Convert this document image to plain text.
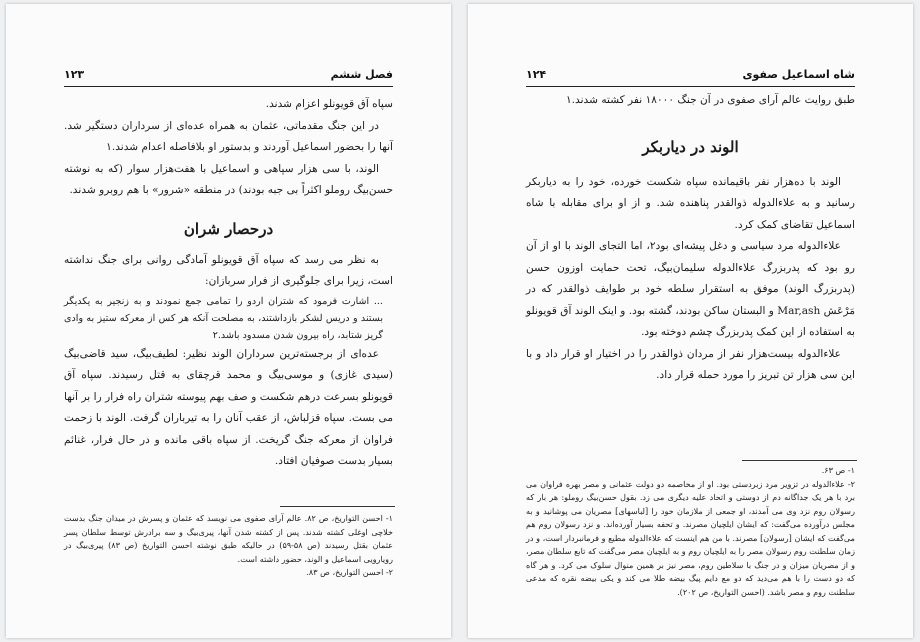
۱۲۳	فصل ششم

سپاه آق قویونلو اعزام شدند.

در این جنگ مقدماتی، عثمان به همراه عده‌ای از سرداران دستگیر شد. آنها را بحضور اسماعیل آوردند و بدستور او بلافاصله اعدام شدند.۱

الوند، با سی هزار سپاهی و اسماعیل با هفت‌هزار سوار (که به نوشته حسن‌بیگ روملو اکثراً بی جبه بودند) در منطقه «شرور» با هم روبرو شدند.

درحصار شران

به نظر می رسد که سپاه آق قویونلو آمادگی روانی برای جنگ نداشته است، زیرا برای جلوگیری از فرار سربازان:

... اشارت فرمود که شتران اردو را تمامی جمع نمودند و به زنجیر به یکدیگر بستند و دریس لشکر بازداشتند، به مصلحت آنکه هر کس از معرکه ستیز به وادی گریز شتابد، راه بیرون شدن مسدود باشد.۲

عده‌ای از برجسته‌ترین سرداران الوند نظیر: لطیف‌بیگ، سید قاضی‌بیگ (سیدی غازی) و موسی‌بیگ و محمد قرچقای به قتل رسیدند. سپاه آق قویونلو بسرعت درهم شکست و صف بهم پیوسته شتران راه فرار را بر آنها می بست. سپاه قزلباش، از عقب آنان را به تیرباران گرفت. الوند با زحمت فراوان از معرکه جنگ گریخت. از سپاه باقی مانده و در حال فرار، غنائم بسیار بدست صوفیان افتاد.

۱- احسن التواریخ، ص ۸۲. عالم آرای صفوی می نویسد که عثمان و پسرش در میدان جنگ بدست خلاچی اوغلی کشته شدند. پس از کشته شدن آنها، پیری‌بیگ و سه برادرش توسط سلطان پسر عثمان بقتل رسیدند (ص ۵۸-۵۹) در حالیکه طبق نوشته احسن التواریخ (ص ۸۳) پیری‌بیگ در رویارویی اسماعیل و الوند، حضور داشته است.

۲- احسن التواریخ، ص ۸۳.

۱۲۴	شاه اسماعیل صفوی

طبق روایت عالم آرای صفوی در آن جنگ ۱۸۰۰۰ نفر کشته شدند.۱

الوند در دیاربکر

الوند با ده‌هزار نفر باقیمانده سپاه شکست خورده، خود را به دیاربکر رسانید و به علاءالدوله ذوالقدر پناهنده شد. و از او برای مقابله با شاه اسماعیل تقاضای کمک کرد.

علاءالدوله مرد سیاسی و دغل پیشه‌ای بود۲، اما التجای الوند با او از آن رو بود که پدربزرگ علاءالدوله سلیمان‌بیگ، تحت حمایت اوزون حسن (پدربزرگ الوند) موفق به استقرار سلطه خود بر طوایف ذوالقدر که در مَرْعَش Mar,ash و البستان ساکن بودند، گشته بود. و اینک الوند آق قویونلو به استفاده از این کمک پدربزرگ چشم دوخته بود.

علاءالدوله بیست‌هزار نفر از مردان ذوالقدر را در اختیار او قرار داد و با این سی هزار تن تبریز را مورد حمله قرار داد.

۱- ص ۶۳.

۲- علاءالدوله در تزویر مرد زبردستی بود. او از مخاصمه دو دولت عثمانی و مصر بهره فراوان می برد با هر یک جداگانه دم از دوستی و اتحاد علیه دیگری می زد. بقول حسن‌بیگ روملو: هر بار که رسولان روم نزد وی می آمدند، او جمعی از ملازمان خود را [لباسهای] مصریان می پوشانید و به مجلس درآورده می‌گفت: که ایشان ایلچیان مصرند. و تحفه بسیار آورده‌اند. و نزد رسولان روم هم می‌گفت که ایشان [رسولان] مصرند. با من هم اینست که علاءالدوله مطیع و فرمانبردار است، و در زمان سلطنت روم رسولان مصر را به ایلچیان روم و به ایلچیان مصر می‌گفت که تابع سلطان مصر، و از مصریان میزان و در جنگ با سلاطین روم، مصر نیز بر همین منوال سلوک می کرد. و هر گاه که دو دست را با هم می‌دید که دو مع دایم پیگ بیضه طلا می کند و یکی بیضه نقره که مدعی سلطنت روم و مصر باشد. (احسن التواریخ، ص ۲۰۲).
